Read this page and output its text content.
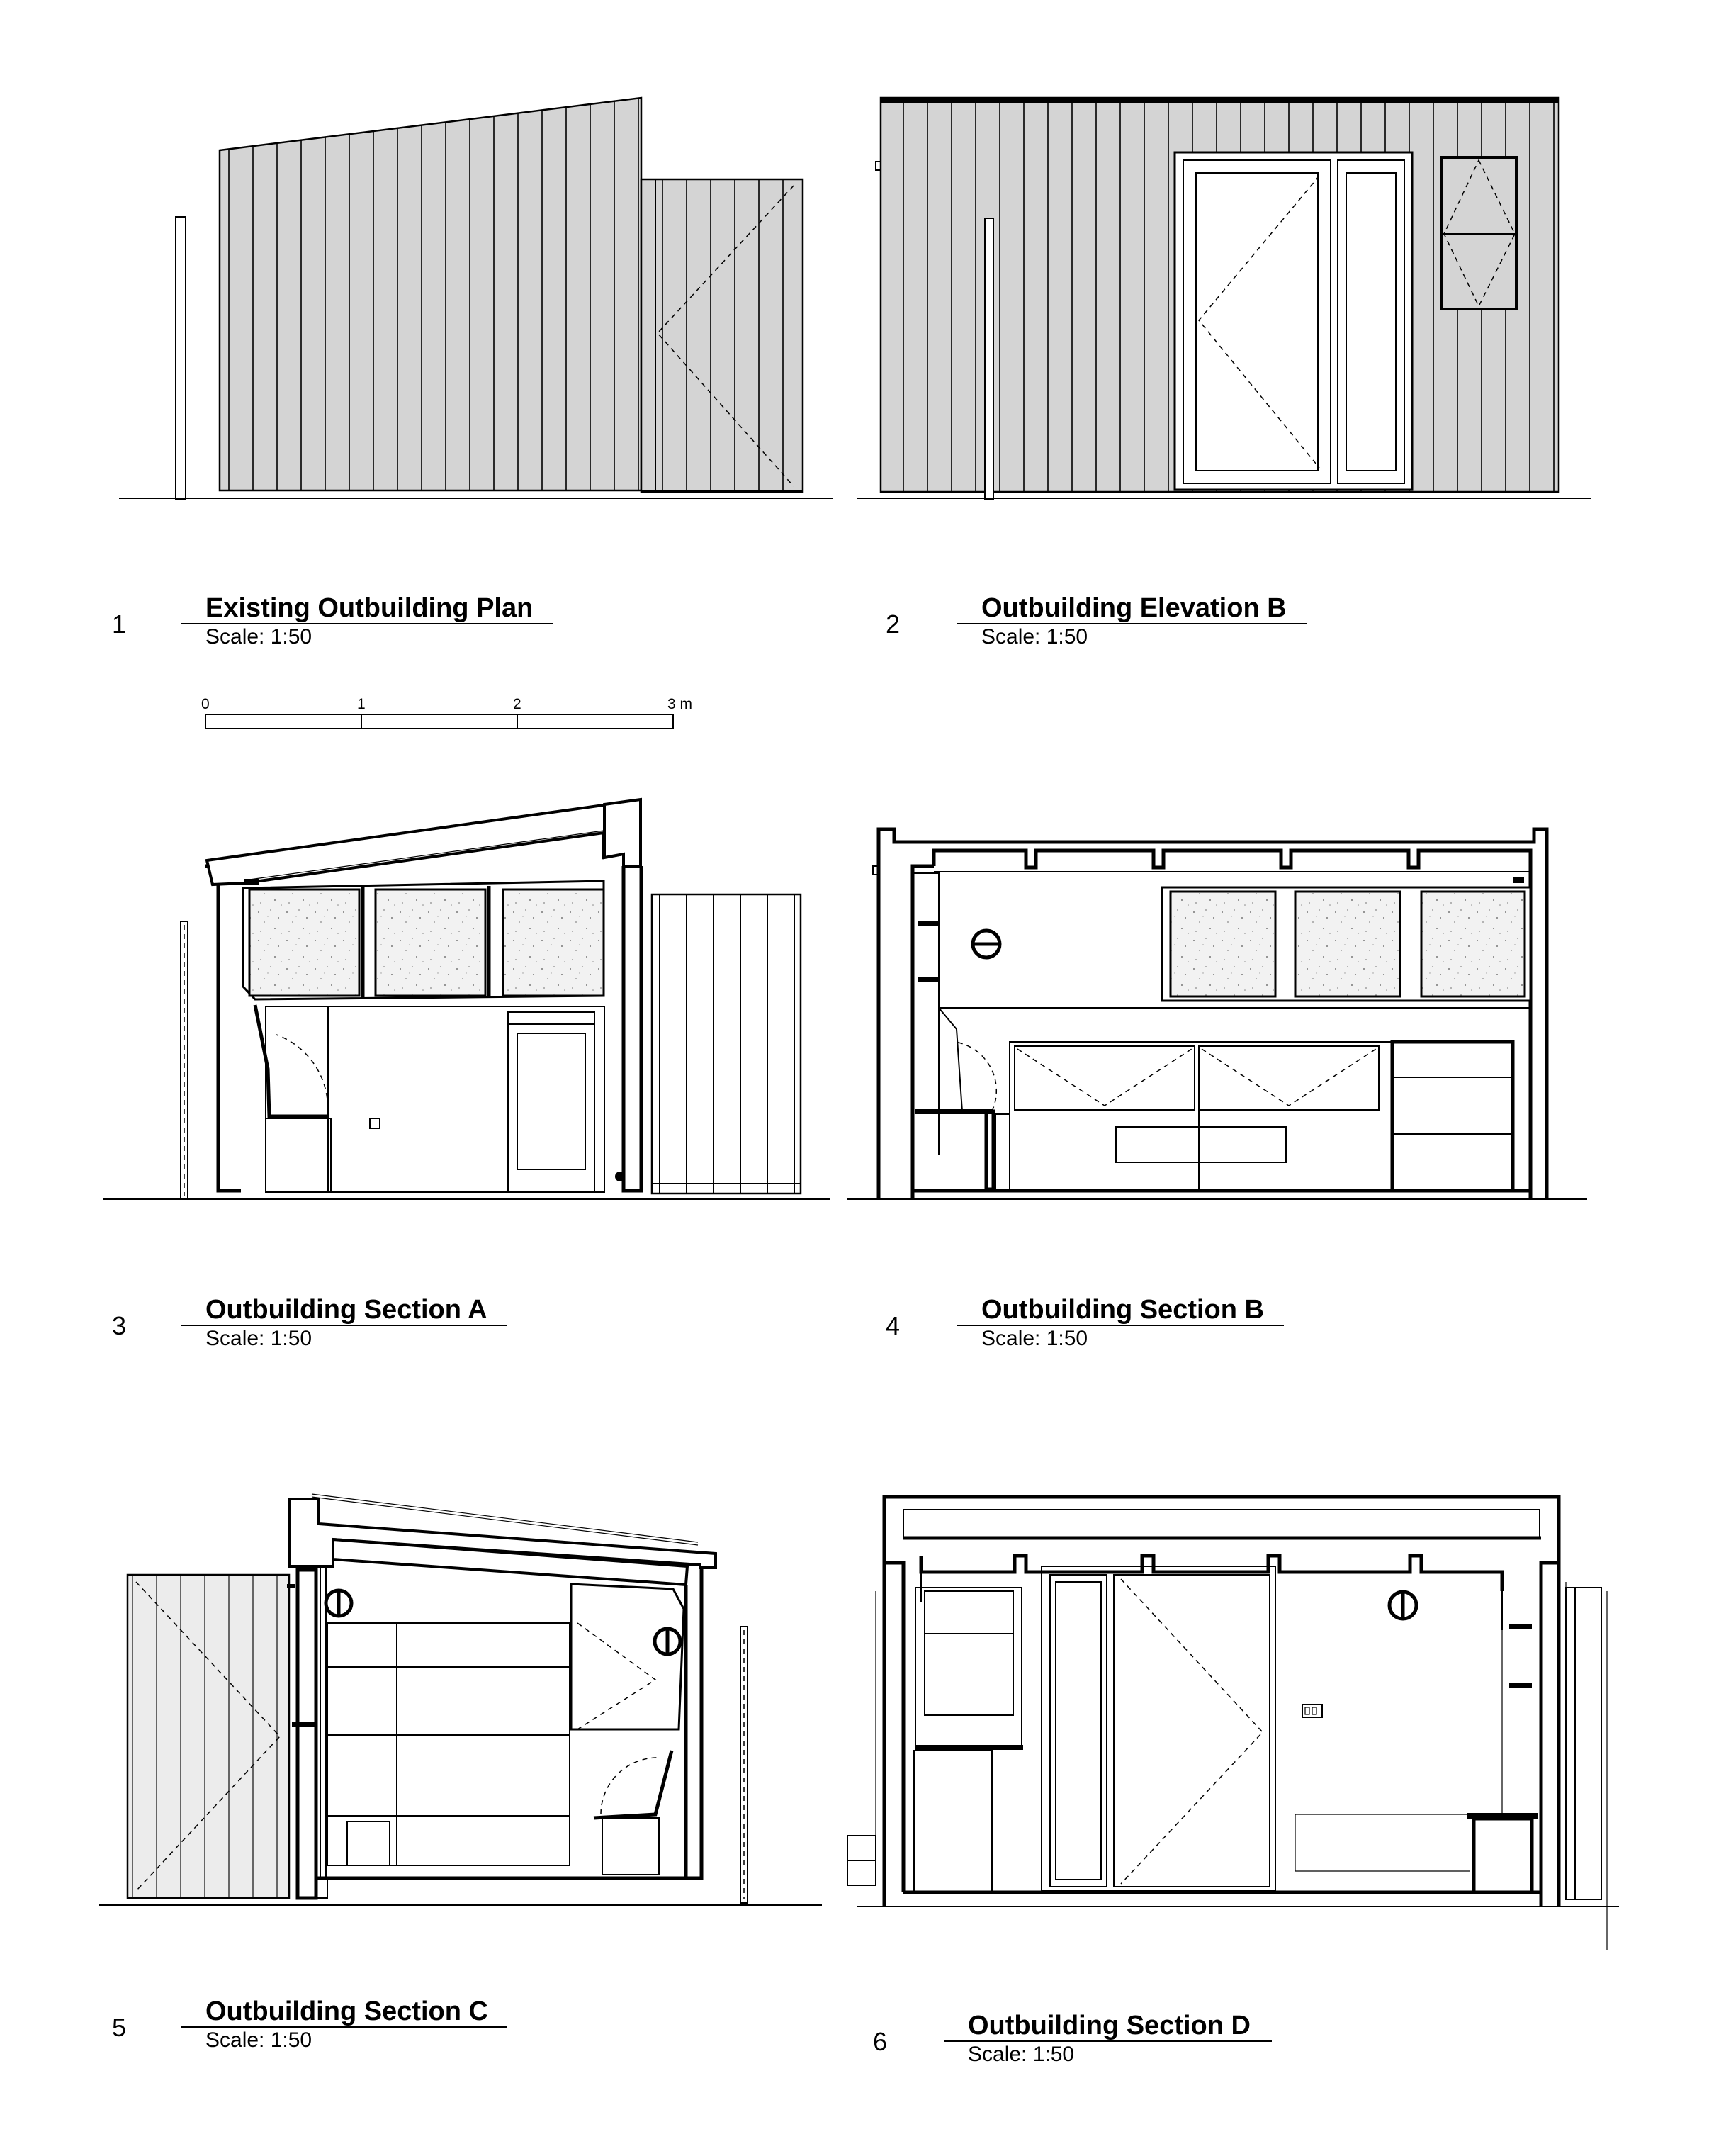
0	1	2	3 m
1
Existing Outbuilding Plan
Scale: 1:50	2
Outbuilding Elevation B
Scale: 1:50
3
Outbuilding Section A
Scale: 1:50	4
Outbuilding Section B
Scale: 1:50
5
Outbuilding Section C
Scale: 1:50	6
Outbuilding Section D
Scale: 1:50
